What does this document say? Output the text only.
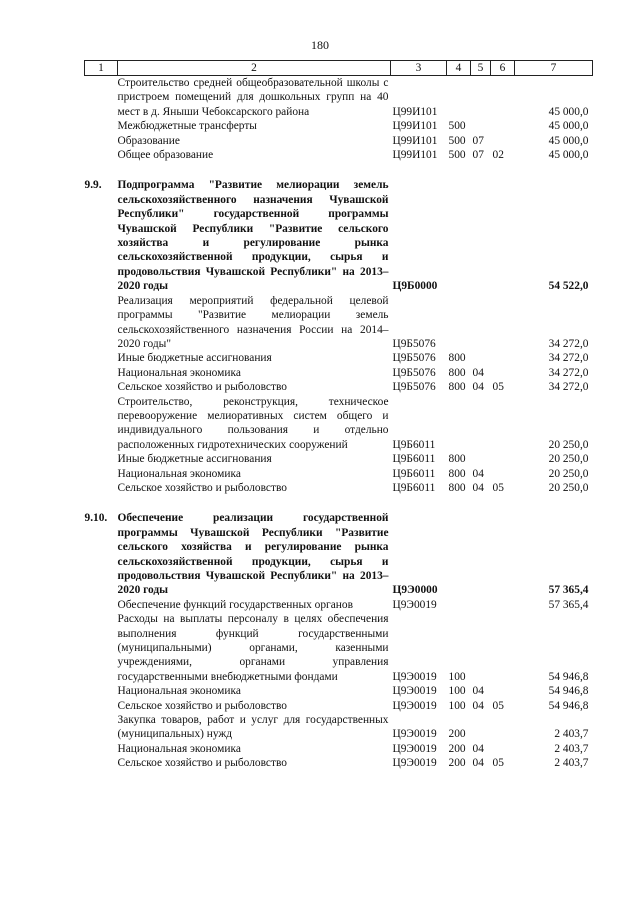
180
1	2	3	4	5	6	7
	Строительство средней общеобразовательной школы с пристроем помещений для дошкольных групп на 40 мест в д. Яныши Чебоксарского района	Ц99И101				45 000,0
	Межбюджетные трансферты	Ц99И101	500			45 000,0
	Образование	Ц99И101	500	07		45 000,0
	Общее образование	Ц99И101	500	07	02	45 000,0

9.9.	Подпрограмма "Развитие мелиорации земель сельскохозяйственного назначения Чувашской Республики" государственной программы Чувашской Республики "Развитие сельского хозяйства и регулирование рынка сельскохозяйственной продукции, сырья и продовольствия Чувашской Республики" на 2013–2020 годы	Ц9Б0000				54 522,0
	Реализация мероприятий федеральной целевой программы "Развитие мелиорации земель сельскохозяйственного назначения России на 2014–2020 годы"	Ц9Б5076				34 272,0
	Иные бюджетные ассигнования	Ц9Б5076	800			34 272,0
	Национальная экономика	Ц9Б5076	800	04		34 272,0
	Сельское хозяйство и рыболовство	Ц9Б5076	800	04	05	34 272,0
	Строительство, реконструкция, техническое перевооружение мелиоративных систем общего и индивидуального пользования и отдельно расположенных гидротехнических сооружений	Ц9Б6011				20 250,0
	Иные бюджетные ассигнования	Ц9Б6011	800			20 250,0
	Национальная экономика	Ц9Б6011	800	04		20 250,0
	Сельское хозяйство и рыболовство	Ц9Б6011	800	04	05	20 250,0

9.10.	Обеспечение реализации государственной программы Чувашской Республики "Развитие сельского хозяйства и регулирование рынка сельскохозяйственной продукции, сырья и продовольствия Чувашской Республики" на 2013–2020 годы	Ц9Э0000				57 365,4
	Обеспечение функций государственных органов	Ц9Э0019				57 365,4
	Расходы на выплаты персоналу в целях обеспечения выполнения функций государственными (муниципальными) органами, казенными учреждениями, органами управления государственными внебюджетными фондами	Ц9Э0019	100			54 946,8
	Национальная экономика	Ц9Э0019	100	04		54 946,8
	Сельское хозяйство и рыболовство	Ц9Э0019	100	04	05	54 946,8
	Закупка товаров, работ и услуг для государственных (муниципальных) нужд	Ц9Э0019	200			2 403,7
	Национальная экономика	Ц9Э0019	200	04		2 403,7
	Сельское хозяйство и рыболовство	Ц9Э0019	200	04	05	2 403,7
